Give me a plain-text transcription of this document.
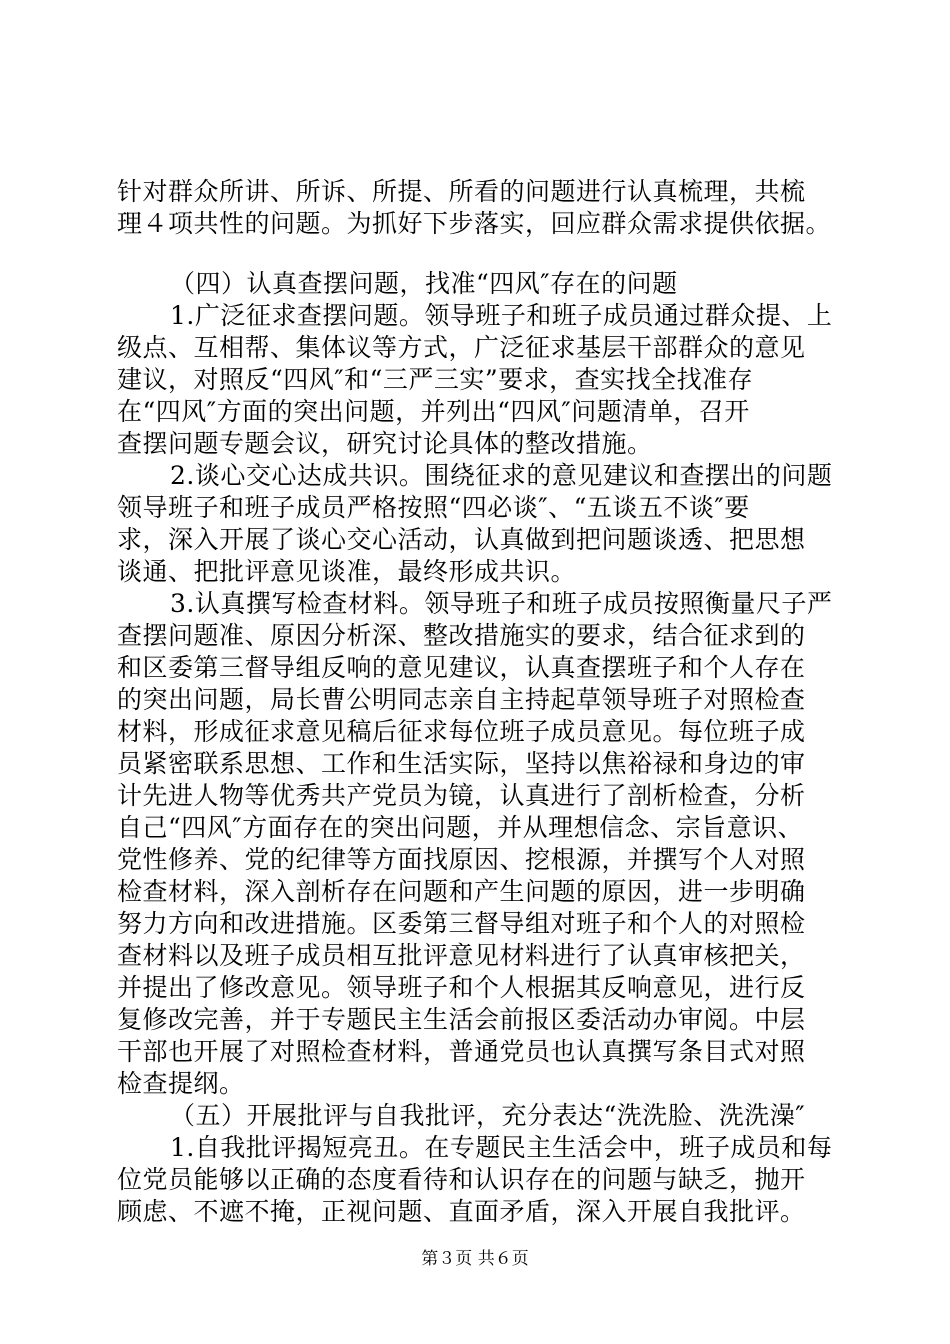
针对群众所讲、所诉、所提、所看的问题进行认真梳理，共梳
理４项共性的问题。为抓好下步落实，回应群众需求提供依据。
（四）认真查摆问题，找准“四风″存在的问题
1.广泛征求查摆问题。领导班子和班子成员通过群众提、上
级点、互相帮、集体议等方式，广泛征求基层干部群众的意见
建议，对照反“四风″和“三严三实”要求，查实找全找准存
在“四风″方面的突出问题，并列出“四风″问题清单，召开
查摆问题专题会议，研究讨论具体的整改措施。
2.谈心交心达成共识。围绕征求的意见建议和查摆出的问题
领导班子和班子成员严格按照“四必谈″、“五谈五不谈″要
求，深入开展了谈心交心活动，认真做到把问题谈透、把思想
谈通、把批评意见谈准，最终形成共识。
3.认真撰写检查材料。领导班子和班子成员按照衡量尺子严
查摆问题准、原因分析深、整改措施实的要求，结合征求到的
和区委第三督导组反响的意见建议，认真查摆班子和个人存在
的突出问题，局长曹公明同志亲自主持起草领导班子对照检查
材料，形成征求意见稿后征求每位班子成员意见。每位班子成
员紧密联系思想、工作和生活实际，坚持以焦裕禄和身边的审
计先进人物等优秀共产党员为镜，认真进行了剖析检查，分析
自己“四风″方面存在的突出问题，并从理想信念、宗旨意识、
党性修养、党的纪律等方面找原因、挖根源，并撰写个人对照
检查材料，深入剖析存在问题和产生问题的原因，进一步明确
努力方向和改进措施。区委第三督导组对班子和个人的对照检
查材料以及班子成员相互批评意见材料进行了认真审核把关，
并提出了修改意见。领导班子和个人根据其反响意见，进行反
复修改完善，并于专题民主生活会前报区委活动办审阅。中层
干部也开展了对照检查材料，普通党员也认真撰写条目式对照
检查提纲。
（五）开展批评与自我批评，充分表达“洗洗脸、洗洗澡″
1.自我批评揭短亮丑。在专题民主生活会中，班子成员和每
位党员能够以正确的态度看待和认识存在的问题与缺乏，抛开
顾虑、不遮不掩，正视问题、直面矛盾，深入开展自我批评。
第３页 共６页
